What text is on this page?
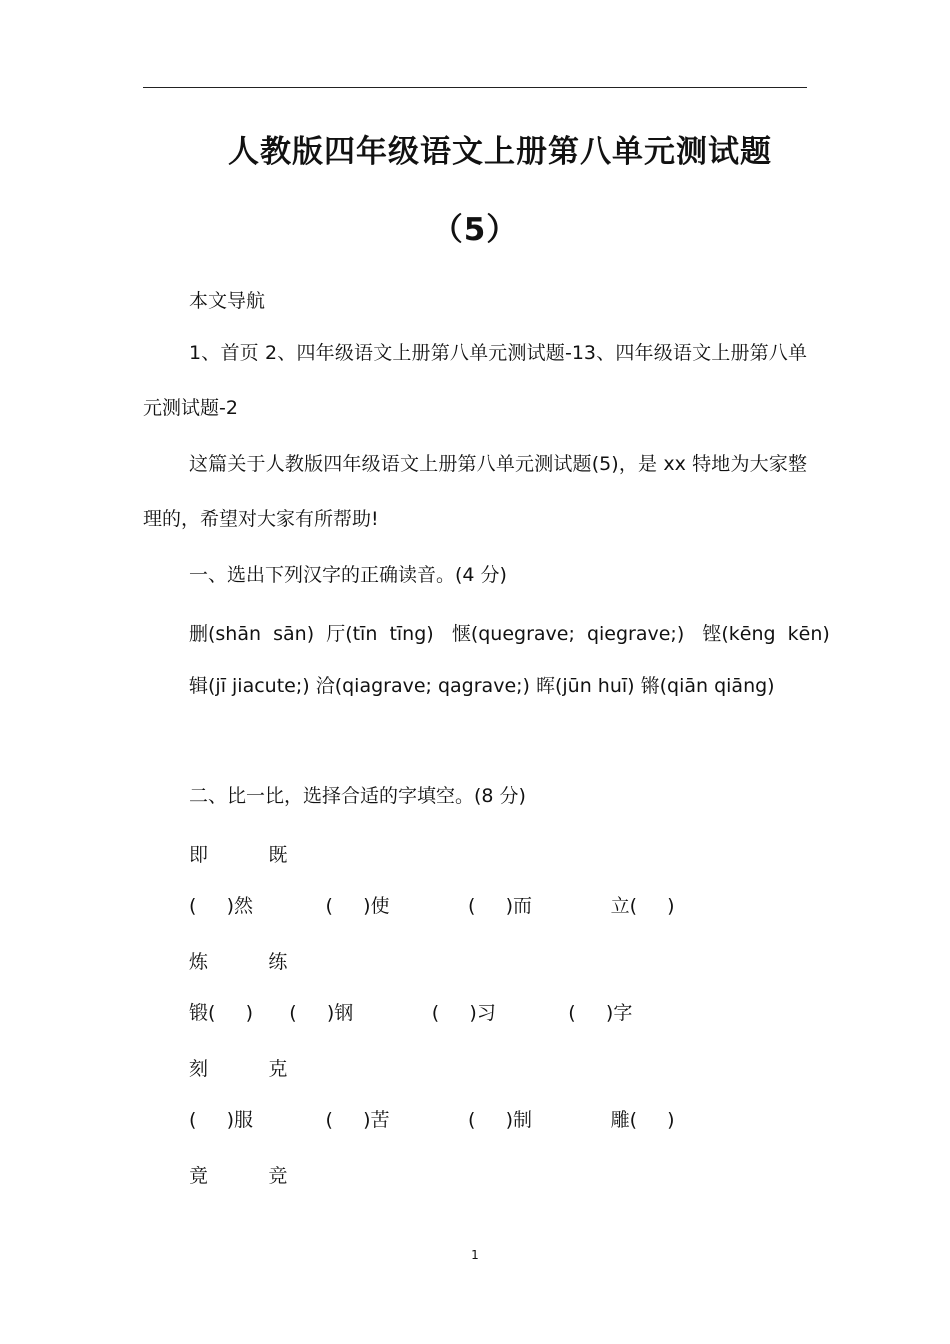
人教版四年级语文上册第八单元测试题
（5）
本文导航
1、首页 2、四年级语文上册第八单元测试题-13、四年级语文上册第八单元测试题-2
这篇关于人教版四年级语文上册第八单元测试题(5)，是 xx 特地为大家整理的，希望对大家有所帮助!
一、选出下列汉字的正确读音。(4 分)
删(shān  sān)  厅(tīn  tīng)   惬(quegrave;  qiegrave;)   铿(kēng  kēn)
辑(jī jiacute;) 洽(qiagrave; qagrave;) 晖(jūn huī) 锵(qiān qiāng)
二、比一比，选择合适的字填空。(8 分)
即          既
(     )然            (     )使             (     )而             立(     )
炼          练
锻(     )      (     )钢             (     )习            (     )字
刻          克
(     )服            (     )苦             (     )制             雕(     )
竟          竞
1
